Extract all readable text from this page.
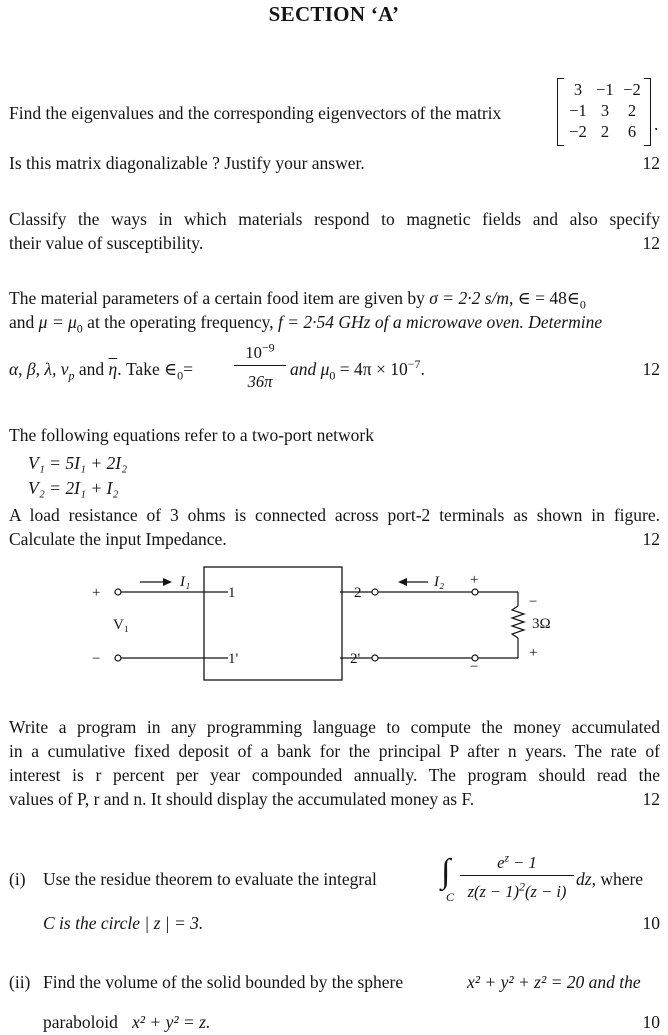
SECTION ‘A’
Find the eigenvalues and the corresponding eigenvectors of the matrix
3 −1 −2
−1 3	2
−2 2	6	.
Is this matrix diagonalizable ? Justify your answer.	12
Classify the ways in which materials respond to magnetic fields and also specify
their value of susceptibility.	12
The material parameters of a certain food item are given by σ = 2·2 s/m, ∈ = $48\in_0$
and $\mu = \mu_0$ at the operating frequency, f = 2·54 GHz of a microwave oven. Determine
α, β, λ, $v_p$ and $\overline{\eta}$. Take $\in_0= \frac{10^{-9}}{36\pi}$ and $\mu_0 = 4\pi \times 10^{-7}$.	12
The following equations refer to a two-port network
V₁ = 5I₁ + 2I₂
V₂ = 2I₁ + I₂
A load resistance of 3 ohms is connected across port-2 terminals as shown in figure.
Calculate the input Impedance.	12
+
−
I₁
V₁
1
1'
2
2'
I₂ +
−
+
−
3Ω
Write a program in any programming language to compute the money accumulated
in a cumulative fixed deposit of a bank for the principal P after n years. The rate of
interest is r percent per year compounded annually. The program should read the
values of P, r and n. It should display the accumulated money as F.	12
(i) Use the residue theorem to evaluate the integral ∫
C $\frac{e^z - 1}{z(z - 1)^2(z - i)}$ dz, where
C is the circle | z | = 3.	10
(ii) Find the volume of the solid bounded by the sphere	x² + y² + z² = 20 and the
paraboloid x² + y² = z.	10
